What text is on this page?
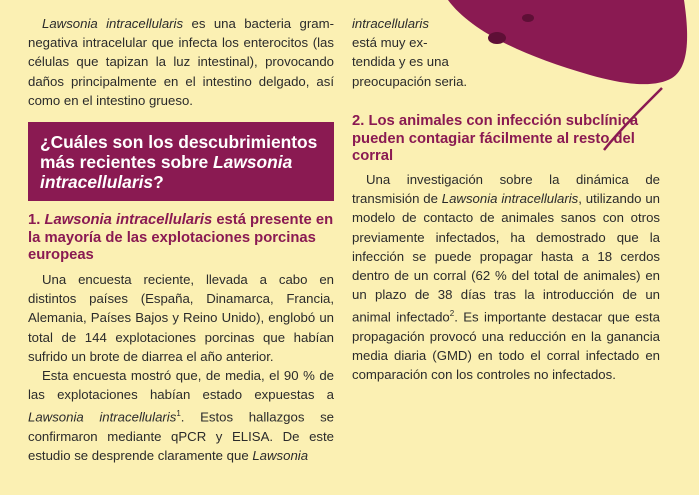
Lawsonia intracellularis es una bacteria gram-negativa intracelular que infecta los enterocitos (las células que tapizan la luz intestinal), provocando daños principalmente en el intestino delgado, así como en el intestino grueso.

¿Cuáles son los descubrimientos
más recientes sobre Lawsonia
intracellularis?
1. Lawsonia intracellularis está presente en la mayoría de las explotaciones porcinas europeas

Una encuesta reciente, llevada a cabo en distintos países (España, Dinamarca, Francia, Alemania, Países Bajos y Reino Unido), englobó un total de 144 explotaciones porcinas que habían sufrido un brote de diarrea el año anterior.

Esta encuesta mostró que, de media, el 90 % de las explotaciones habían estado expuestas a Lawsonia intracellularis$^1$. Estos hallazgos se confirmaron mediante qPCR y ELISA. De este estudio se desprende claramente que Lawsonia

intracellularis
está muy ex-
tendida y es una
preocupación seria.
2. Los animales con infección subclínica pueden contagiar fácilmente al resto del corral

Una investigación sobre la dinámica de transmisión de Lawsonia intracellularis, utilizando un modelo de contacto de animales sanos con otros previamente infectados, ha demostrado que la infección se puede propagar hasta a 18 cerdos dentro de un corral (62 % del total de animales) en un plazo de 38 días tras la introducción de un animal infectado$^2$. Es importante destacar que esta propagación provocó una reducción en la ganancia media diaria (GMD) en todo el corral infectado en comparación con los controles no infectados.
